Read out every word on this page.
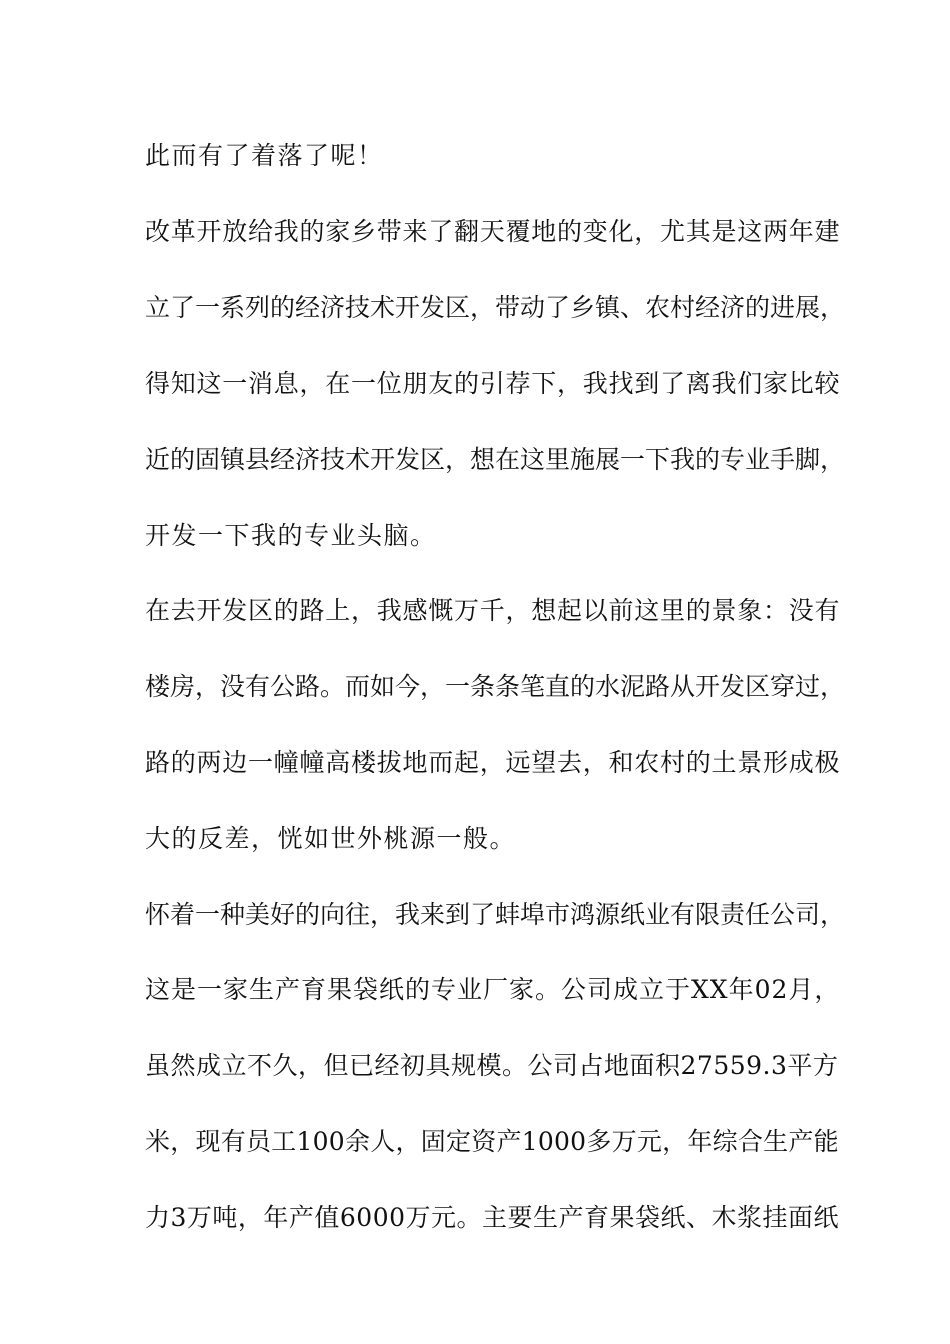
此而有了着落了呢！
改革开放给我的家乡带来了翻天覆地的变化，尤其是这两年建
立了一系列的经济技术开发区，带动了乡镇、农村经济的进展，
得知这一消息，在一位朋友的引荐下，我找到了离我们家比较
近的固镇县经济技术开发区，想在这里施展一下我的专业手脚，
开发一下我的专业头脑。
在去开发区的路上，我感慨万千，想起以前这里的景象：没有
楼房，没有公路。而如今，一条条笔直的水泥路从开发区穿过，
路的两边一幢幢高楼拔地而起，远望去，和农村的土景形成极
大的反差，恍如世外桃源一般。
怀着一种美好的向往，我来到了蚌埠市鸿源纸业有限责任公司，
这是一家生产育果袋纸的专业厂家。公司成立于XX年02月，
虽然成立不久，但已经初具规模。公司占地面积27559.3平方
米，现有员工100余人，固定资产1000多万元，年综合生产能
力3万吨，年产值6000万元。主要生产育果袋纸、木浆挂面纸
